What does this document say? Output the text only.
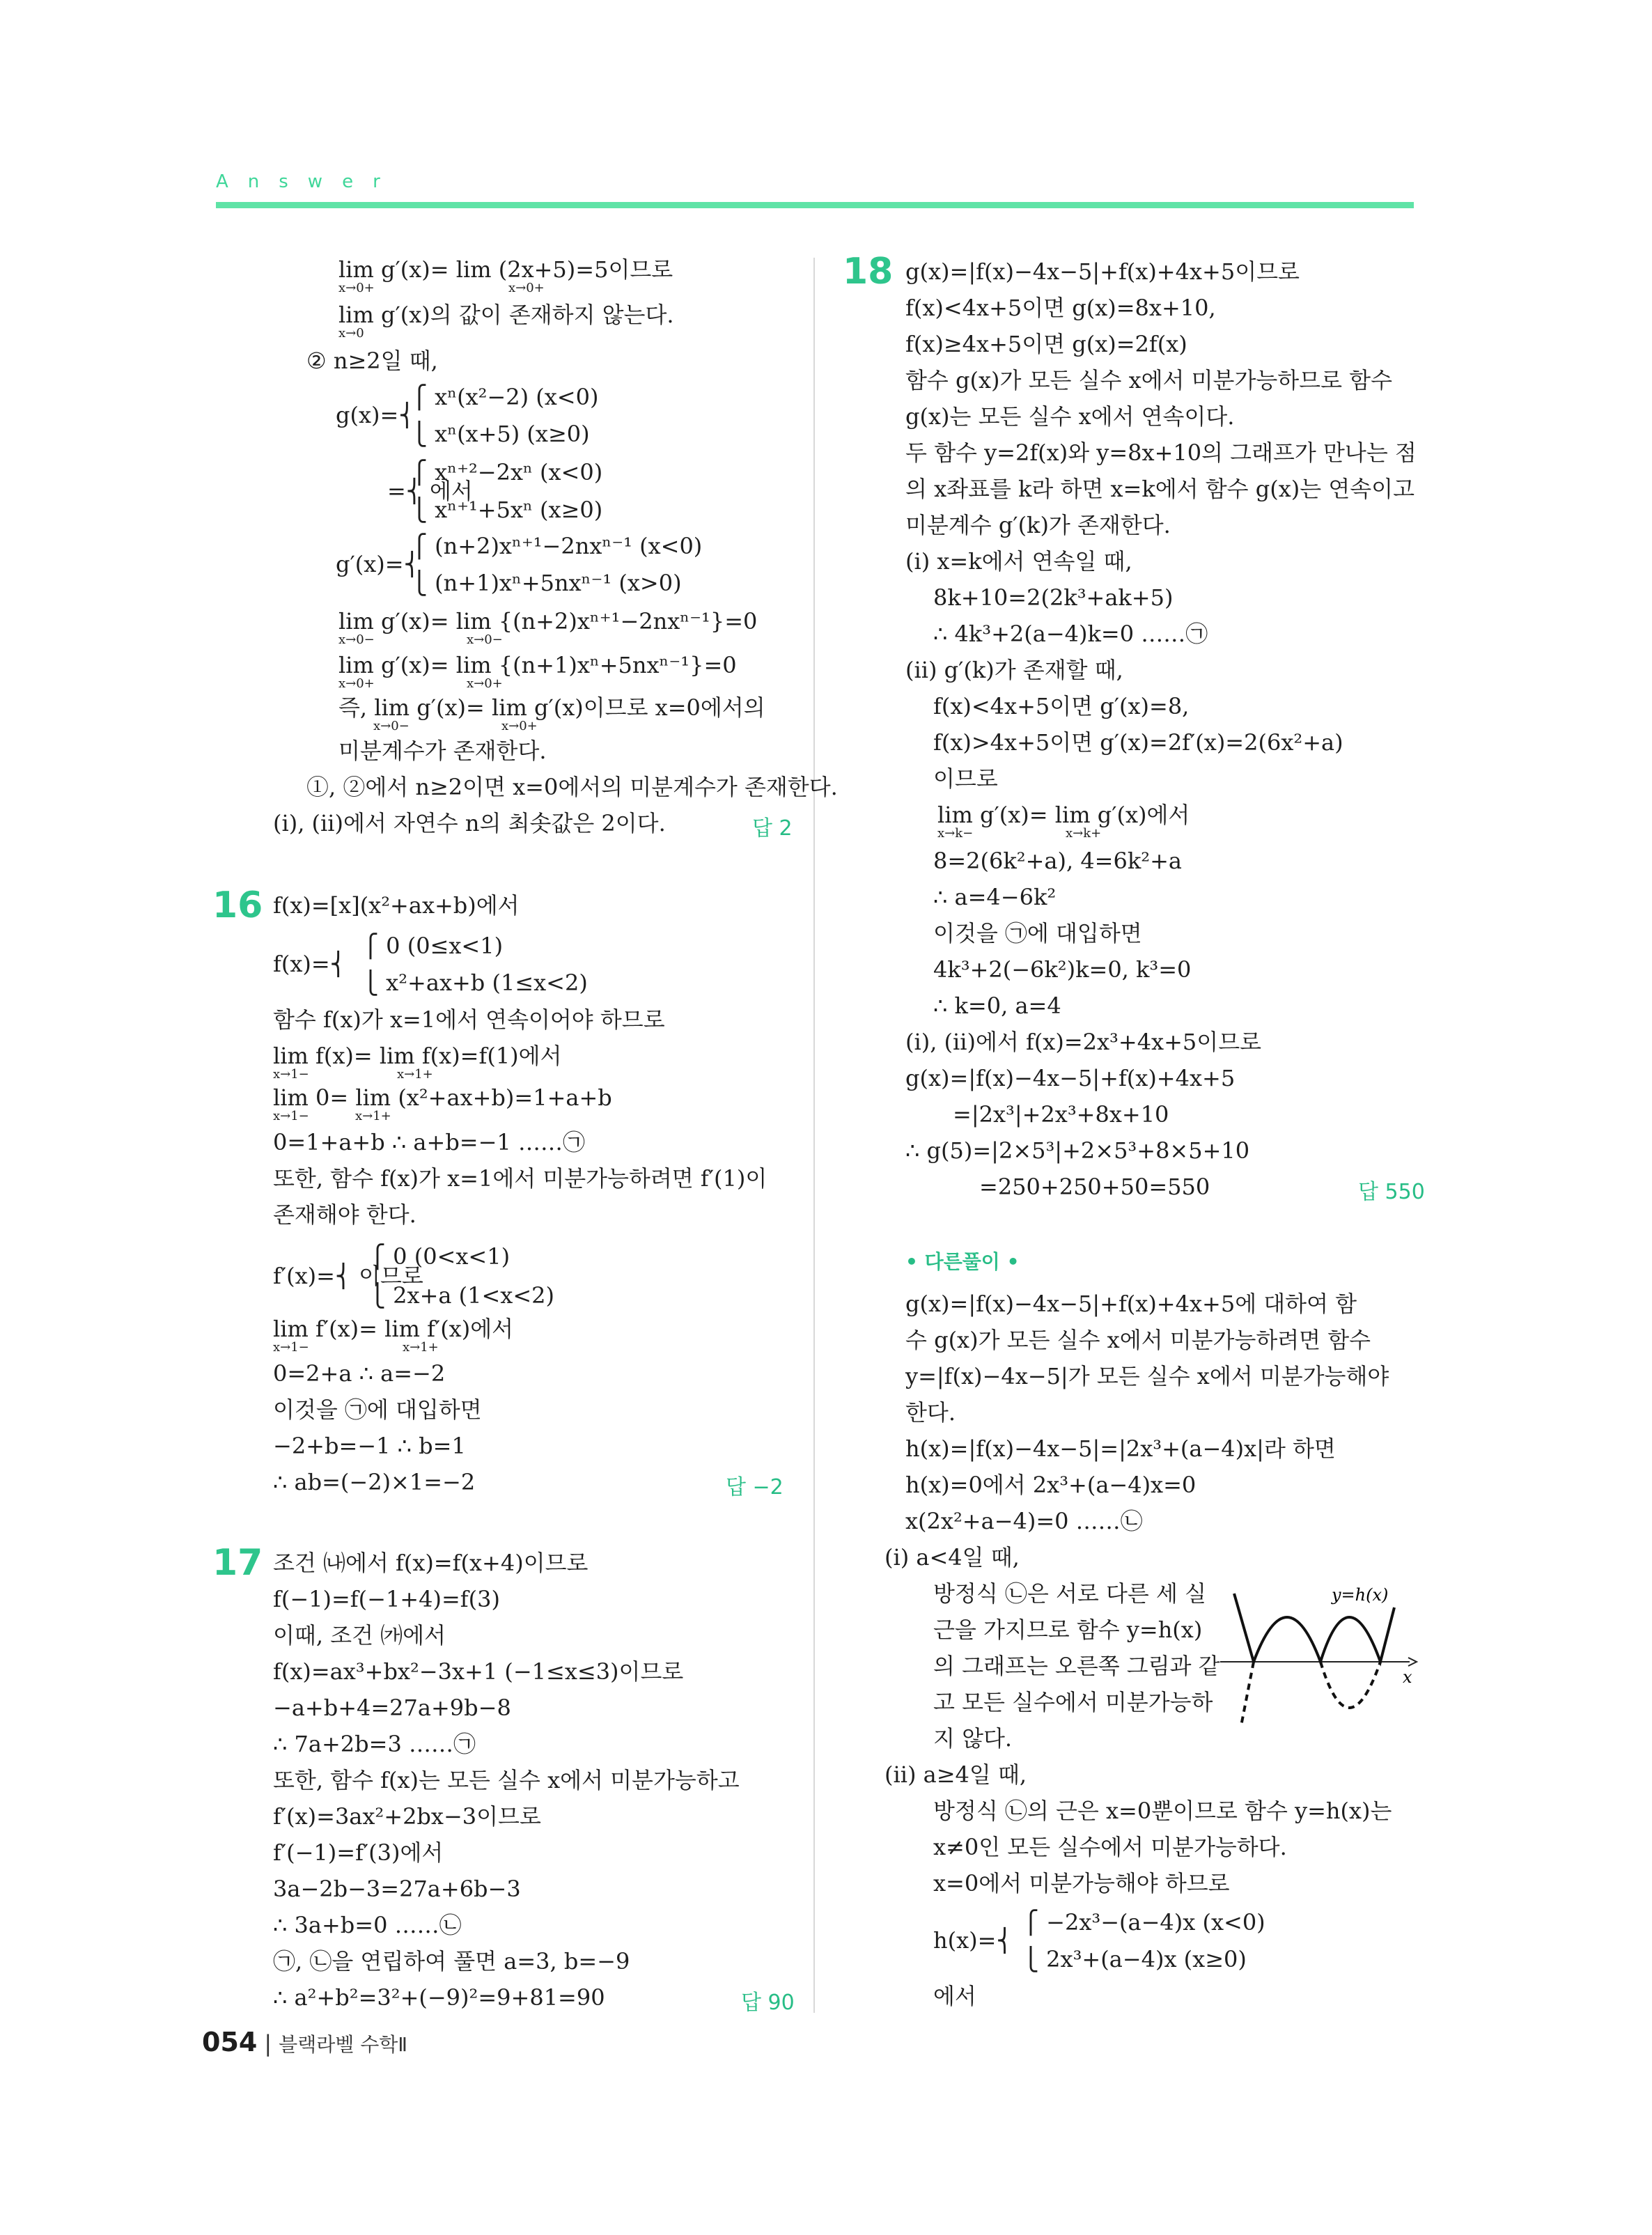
Answer
lim g′(x)= lim (2x+5)=5이므로
x→0+	x→0+
lim g′(x)의 값이 존재하지 않는다.
x→0
② n≥2일 때,
⎧ xⁿ(x²−2) (x<0)
g(x)=⎨
⎩ xⁿ(x+5) (x≥0)
⎧ xⁿ⁺²−2xⁿ (x<0)
=⎨ 에서
⎩ xⁿ⁺¹+5xⁿ (x≥0)
⎧ (n+2)xⁿ⁺¹−2nxⁿ⁻¹ (x<0)
g′(x)=⎨
⎩ (n+1)xⁿ+5nxⁿ⁻¹ (x>0)
lim g′(x)= lim {(n+2)xⁿ⁺¹−2nxⁿ⁻¹}=0
x→0−	x→0−
lim g′(x)= lim {(n+1)xⁿ+5nxⁿ⁻¹}=0
x→0+	x→0+
즉, lim g′(x)= lim g′(x)이므로 x=0에서의
x→0−	x→0+
미분계수가 존재한다.
①, ②에서 n≥2이면 x=0에서의 미분계수가 존재한다.
(ⅰ), (ⅱ)에서 자연수 n의 최솟값은 2이다.	답 2
16 f(x)=[x](x²+ax+b)에서
⎧ 0 (0≤x<1)
f(x)=⎨
⎩ x²+ax+b (1≤x<2)
함수 f(x)가 x=1에서 연속이어야 하므로
lim f(x)= lim f(x)=f(1)에서
x→1−	x→1+
lim 0= lim (x²+ax+b)=1+a+b
x→1−	x→1+
0=1+a+b ∴ a+b=−1 ……㉠
또한, 함수 f(x)가 x=1에서 미분가능하려면 f′(1)이
존재해야 한다.
⎧ 0 (0<x<1)
f′(x)=⎨ 이므로
⎩ 2x+a (1<x<2)
lim f′(x)= lim f′(x)에서
x→1−	x→1+
0=2+a ∴ a=−2
이것을 ㉠에 대입하면
−2+b=−1 ∴ b=1
∴ ab=(−2)×1=−2	답 −2
17 조건 ㈏에서 f(x)=f(x+4)이므로
f(−1)=f(−1+4)=f(3)
이때, 조건 ㈎에서
f(x)=ax³+bx²−3x+1 (−1≤x≤3)이므로
−a+b+4=27a+9b−8
∴ 7a+2b=3 ……㉠
또한, 함수 f(x)는 모든 실수 x에서 미분가능하고
f′(x)=3ax²+2bx−3이므로
f′(−1)=f′(3)에서
3a−2b−3=27a+6b−3
∴ 3a+b=0 ……㉡
㉠, ㉡을 연립하여 풀면 a=3, b=−9
∴ a²+b²=3²+(−9)²=9+81=90	답 90
18 g(x)=|f(x)−4x−5|+f(x)+4x+5이므로
f(x)<4x+5이면 g(x)=8x+10,
f(x)≥4x+5이면 g(x)=2f(x)
함수 g(x)가 모든 실수 x에서 미분가능하므로 함수
g(x)는 모든 실수 x에서 연속이다.
두 함수 y=2f(x)와 y=8x+10의 그래프가 만나는 점
의 x좌표를 k라 하면 x=k에서 함수 g(x)는 연속이고
미분계수 g′(k)가 존재한다.
(ⅰ) x=k에서 연속일 때,
8k+10=2(2k³+ak+5)
∴ 4k³+2(a−4)k=0 ……㉠
(ⅱ) g′(k)가 존재할 때,
f(x)<4x+5이면 g′(x)=8,
f(x)>4x+5이면 g′(x)=2f′(x)=2(6x²+a)
이므로
lim g′(x)= lim g′(x)에서
x→k−	x→k+
8=2(6k²+a), 4=6k²+a
∴ a=4−6k²
이것을 ㉠에 대입하면
4k³+2(−6k²)k=0, k³=0
∴ k=0, a=4
(ⅰ), (ⅱ)에서 f(x)=2x³+4x+5이므로
g(x)=|f(x)−4x−5|+f(x)+4x+5
=|2x³|+2x³+8x+10
∴ g(5)=|2×5³|+2×5³+8×5+10
=250+250+50=550	답 550
• 다른풀이 •
g(x)=|f(x)−4x−5|+f(x)+4x+5에 대하여 함
수 g(x)가 모든 실수 x에서 미분가능하려면 함수
y=|f(x)−4x−5|가 모든 실수 x에서 미분가능해야
한다.
h(x)=|f(x)−4x−5|=|2x³+(a−4)x|라 하면
h(x)=0에서 2x³+(a−4)x=0
x(2x²+a−4)=0 ……㉡
(ⅰ) a<4일 때,
방정식 ㉡은 서로 다른 세 실
근을 가지므로 함수 y=h(x)
의 그래프는 오른쪽 그림과 같
고 모든 실수에서 미분가능하
지 않다.
(ⅱ) a≥4일 때,
방정식 ㉡의 근은 x=0뿐이므로 함수 y=h(x)는
x≠0인 모든 실수에서 미분가능하다.
x=0에서 미분가능해야 하므로
⎧ −2x³−(a−4)x (x<0)
h(x)=⎨
⎩ 2x³+(a−4)x (x≥0)
에서
y=h(x)
x
054 | 블랙라벨 수학Ⅱ
